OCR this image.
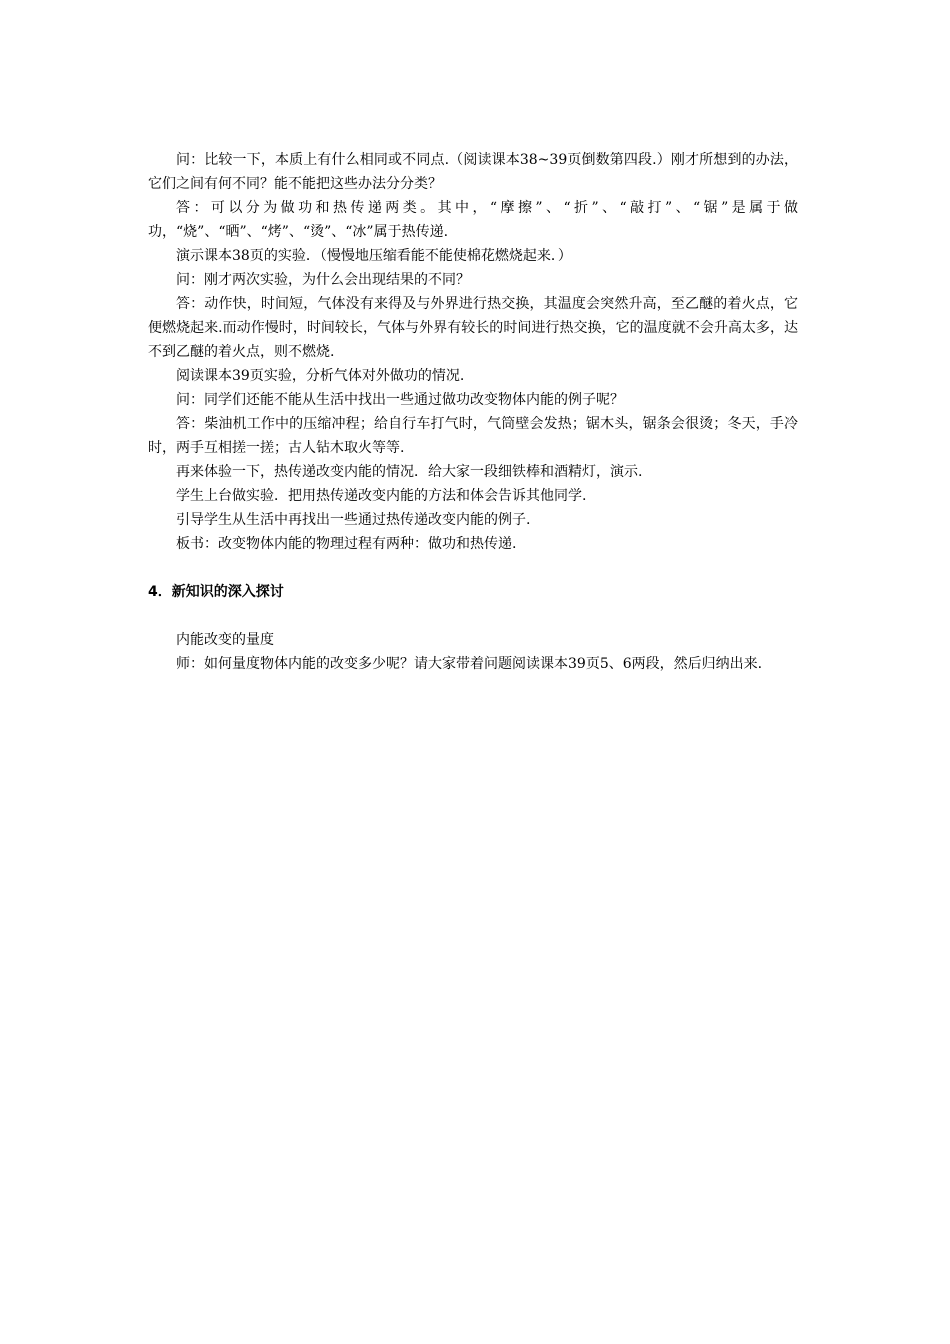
问：比较一下，本质上有什么相同或不同点.（阅读课本38~39页倒数第四段.）刚才所想到的办法，它们之间有何不同？能不能把这些办法分分类？

答：可以分为做功和热传递两类。其中，“摩擦”、“折”、“敲打”、“锯”是属于做功，“烧”、“晒”、“烤”、“烫”、“冰”属于热传递.

演示课本38页的实验．（慢慢地压缩看能不能使棉花燃烧起来．）

问：刚才两次实验，为什么会出现结果的不同？

答：动作快，时间短，气体没有来得及与外界进行热交换，其温度会突然升高，至乙醚的着火点，它便燃烧起来.而动作慢时，时间较长，气体与外界有较长的时间进行热交换，它的温度就不会升高太多，达不到乙醚的着火点，则不燃烧.

阅读课本39页实验，分析气体对外做功的情况.

问：同学们还能不能从生活中找出一些通过做功改变物体内能的例子呢？

答：柴油机工作中的压缩冲程；给自行车打气时，气筒壁会发热；锯木头，锯条会很烫；冬天，手冷时，两手互相搓一搓；古人钻木取火等等.

再来体验一下，热传递改变内能的情况．给大家一段细铁棒和酒精灯，演示.

学生上台做实验．把用热传递改变内能的方法和体会告诉其他同学.

引导学生从生活中再找出一些通过热传递改变内能的例子.

板书：改变物体内能的物理过程有两种：做功和热传递.

4．新知识的深入探讨

内能改变的量度

师：如何量度物体内能的改变多少呢？请大家带着问题阅读课本39页5、6两段，然后归纳出来.
